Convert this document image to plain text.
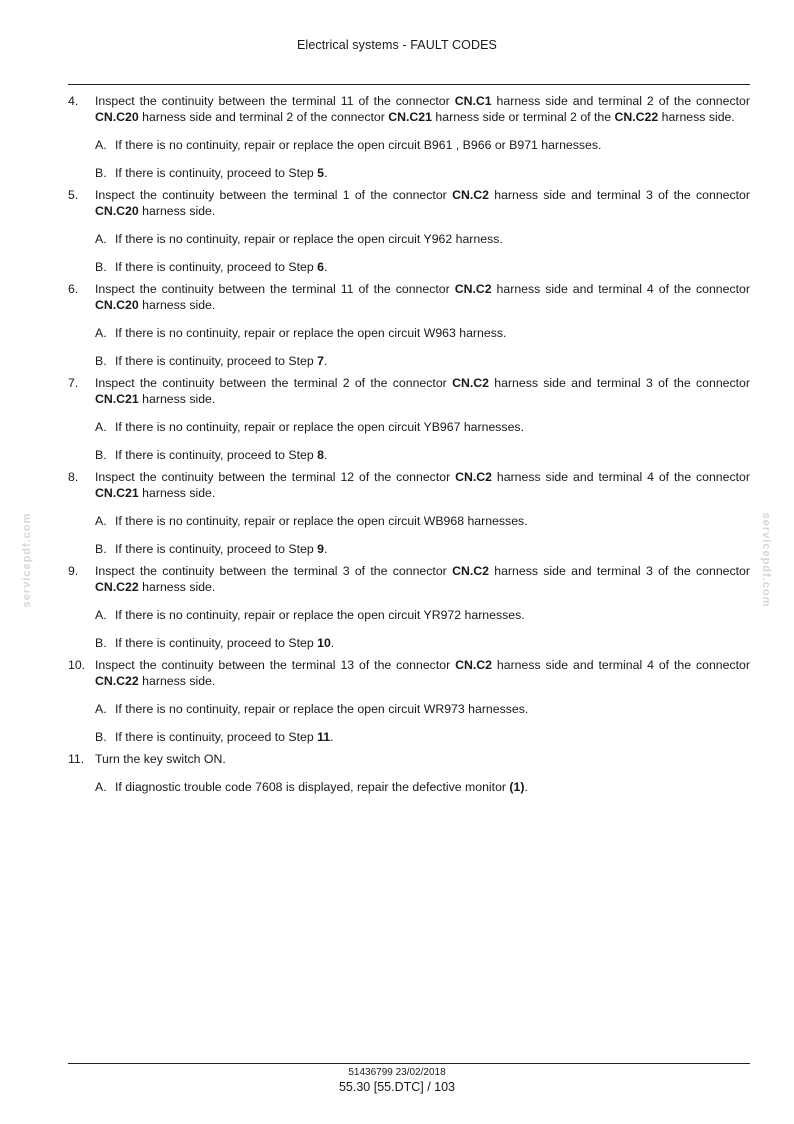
Electrical systems - FAULT CODES
servicepdf.com	servicepdf.com
4. Inspect the continuity between the terminal 11 of the connector CN.C1 harness side and terminal 2 of the connector CN.C20 harness side and terminal 2 of the connector CN.C21 harness side or terminal 2 of the CN.C22 harness side.
A. If there is no continuity, repair or replace the open circuit B961 , B966 or B971 harnesses.
B. If there is continuity, proceed to Step 5.
5. Inspect the continuity between the terminal 1 of the connector CN.C2 harness side and terminal 3 of the connector CN.C20 harness side.
A. If there is no continuity, repair or replace the open circuit Y962 harness.
B. If there is continuity, proceed to Step 6.
6. Inspect the continuity between the terminal 11 of the connector CN.C2 harness side and terminal 4 of the connector CN.C20 harness side.
A. If there is no continuity, repair or replace the open circuit W963 harness.
B. If there is continuity, proceed to Step 7.
7. Inspect the continuity between the terminal 2 of the connector CN.C2 harness side and terminal 3 of the connector CN.C21 harness side.
A. If there is no continuity, repair or replace the open circuit YB967 harnesses.
B. If there is continuity, proceed to Step 8.
8. Inspect the continuity between the terminal 12 of the connector CN.C2 harness side and terminal 4 of the connector CN.C21 harness side.
A. If there is no continuity, repair or replace the open circuit WB968 harnesses.
B. If there is continuity, proceed to Step 9.
9. Inspect the continuity between the terminal 3 of the connector CN.C2 harness side and terminal 3 of the connector CN.C22 harness side.
A. If there is no continuity, repair or replace the open circuit YR972 harnesses.
B. If there is continuity, proceed to Step 10.
10. Inspect the continuity between the terminal 13 of the connector CN.C2 harness side and terminal 4 of the connector CN.C22 harness side.
A. If there is no continuity, repair or replace the open circuit WR973 harnesses.
B. If there is continuity, proceed to Step 11.
11. Turn the key switch ON.
A. If diagnostic trouble code 7608 is displayed, repair the defective monitor (1).
51436799 23/02/2018
55.30 [55.DTC] / 103
